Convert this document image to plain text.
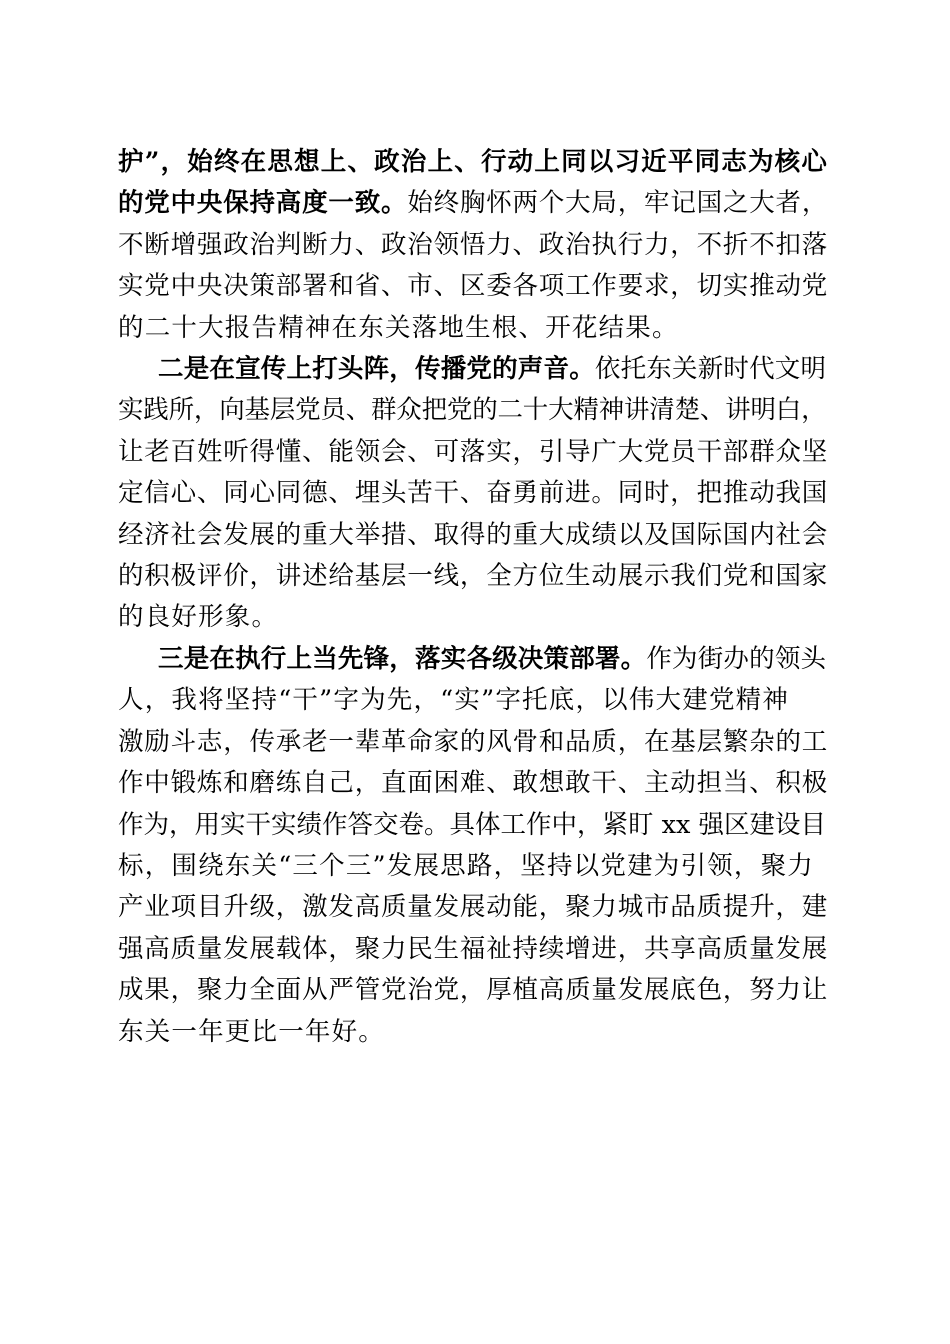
护”，始终在思想上、政治上、行动上同以习近平同志为核心
的党中央保持高度一致。始终胸怀两个大局，牢记国之大者，
不断增强政治判断力、政治领悟力、政治执行力，不折不扣落
实党中央决策部署和省、市、区委各项工作要求，切实推动党
的二十大报告精神在东关落地生根、开花结果。
二是在宣传上打头阵，传播党的声音。依托东关新时代文明
实践所，向基层党员、群众把党的二十大精神讲清楚、讲明白，
让老百姓听得懂、能领会、可落实，引导广大党员干部群众坚
定信心、同心同德、埋头苦干、奋勇前进。同时，把推动我国
经济社会发展的重大举措、取得的重大成绩以及国际国内社会
的积极评价，讲述给基层一线，全方位生动展示我们党和国家
的良好形象。
三是在执行上当先锋，落实各级决策部署。作为街办的领头
人，我将坚持“干”字为先，“实”字托底，以伟大建党精神
激励斗志，传承老一辈革命家的风骨和品质，在基层繁杂的工
作中锻炼和磨练自己，直面困难、敢想敢干、主动担当、积极
作为，用实干实绩作答交卷。具体工作中，紧盯 xx 强区建设目
标，围绕东关“三个三”发展思路，坚持以党建为引领，聚力
产业项目升级，激发高质量发展动能，聚力城市品质提升，建
强高质量发展载体，聚力民生福祉持续增进，共享高质量发展
成果，聚力全面从严管党治党，厚植高质量发展底色，努力让
东关一年更比一年好。
